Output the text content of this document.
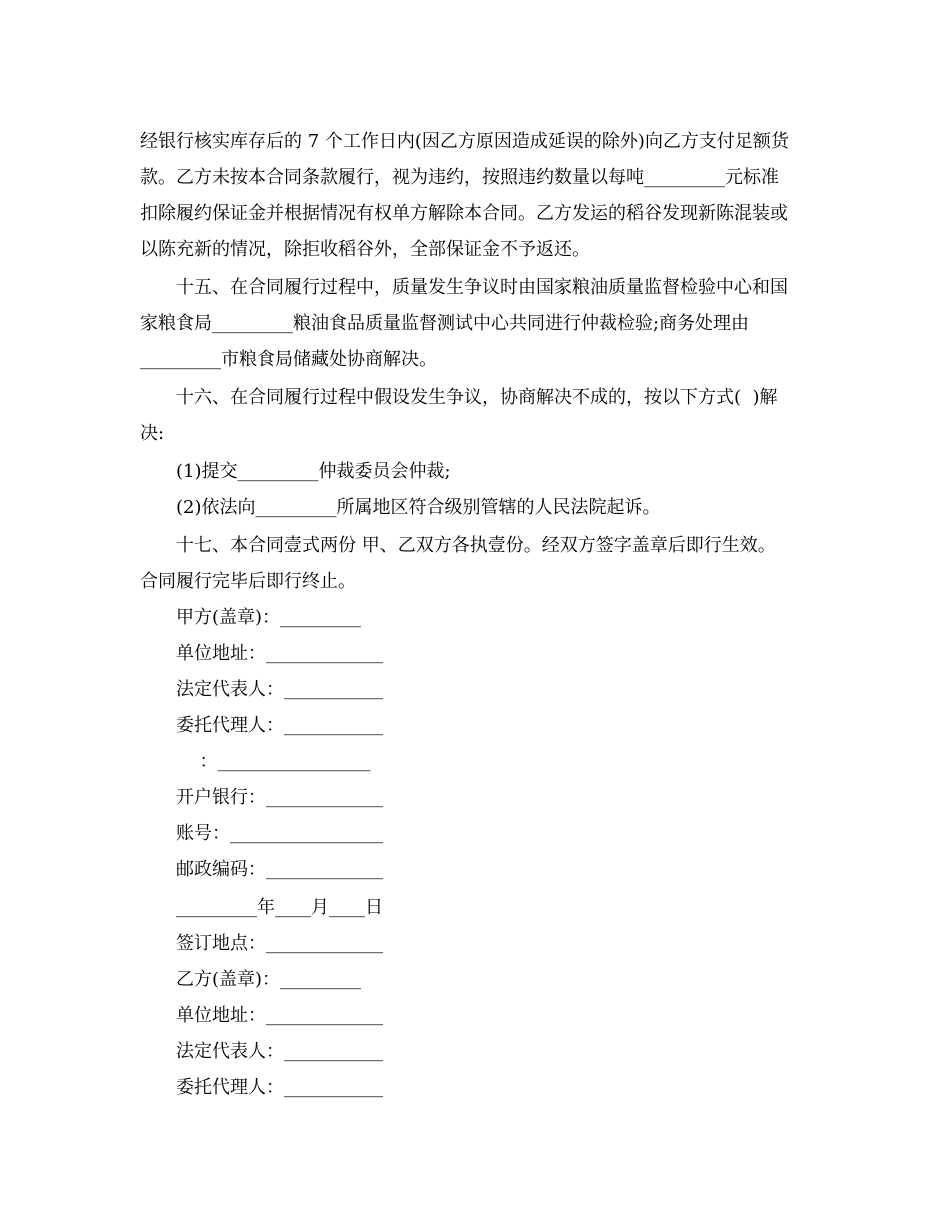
经银行核实库存后的 7 个工作日内(因乙方原因造成延误的除外)向乙方支付足额货

款。乙方未按本合同条款履行，视为违约，按照违约数量以每吨_________元标准

扣除履约保证金并根据情况有权单方解除本合同。乙方发运的稻谷发现新陈混装或

以陈充新的情况，除拒收稻谷外，全部保证金不予返还。

十五、在合同履行过程中，质量发生争议时由国家粮油质量监督检验中心和国

家粮食局_________粮油食品质量监督测试中心共同进行仲裁检验;商务处理由

_________市粮食局储藏处协商解决。

十六、在合同履行过程中假设发生争议，协商解决不成的，按以下方式(  )解

决:

(1)提交_________仲裁委员会仲裁;

(2)依法向_________所属地区符合级别管辖的人民法院起诉。

十七、本合同壹式两份 甲、乙双方各执壹份。经双方签字盖章后即行生效。

合同履行完毕后即行终止。

甲方(盖章)：_________

单位地址：_____________

法定代表人：___________

委托代理人：___________

：_________________

开户银行：_____________

账号：_________________

邮政编码：_____________

_________年____月____日

签订地点：_____________

乙方(盖章)：_________

单位地址：_____________

法定代表人：___________

委托代理人：___________
